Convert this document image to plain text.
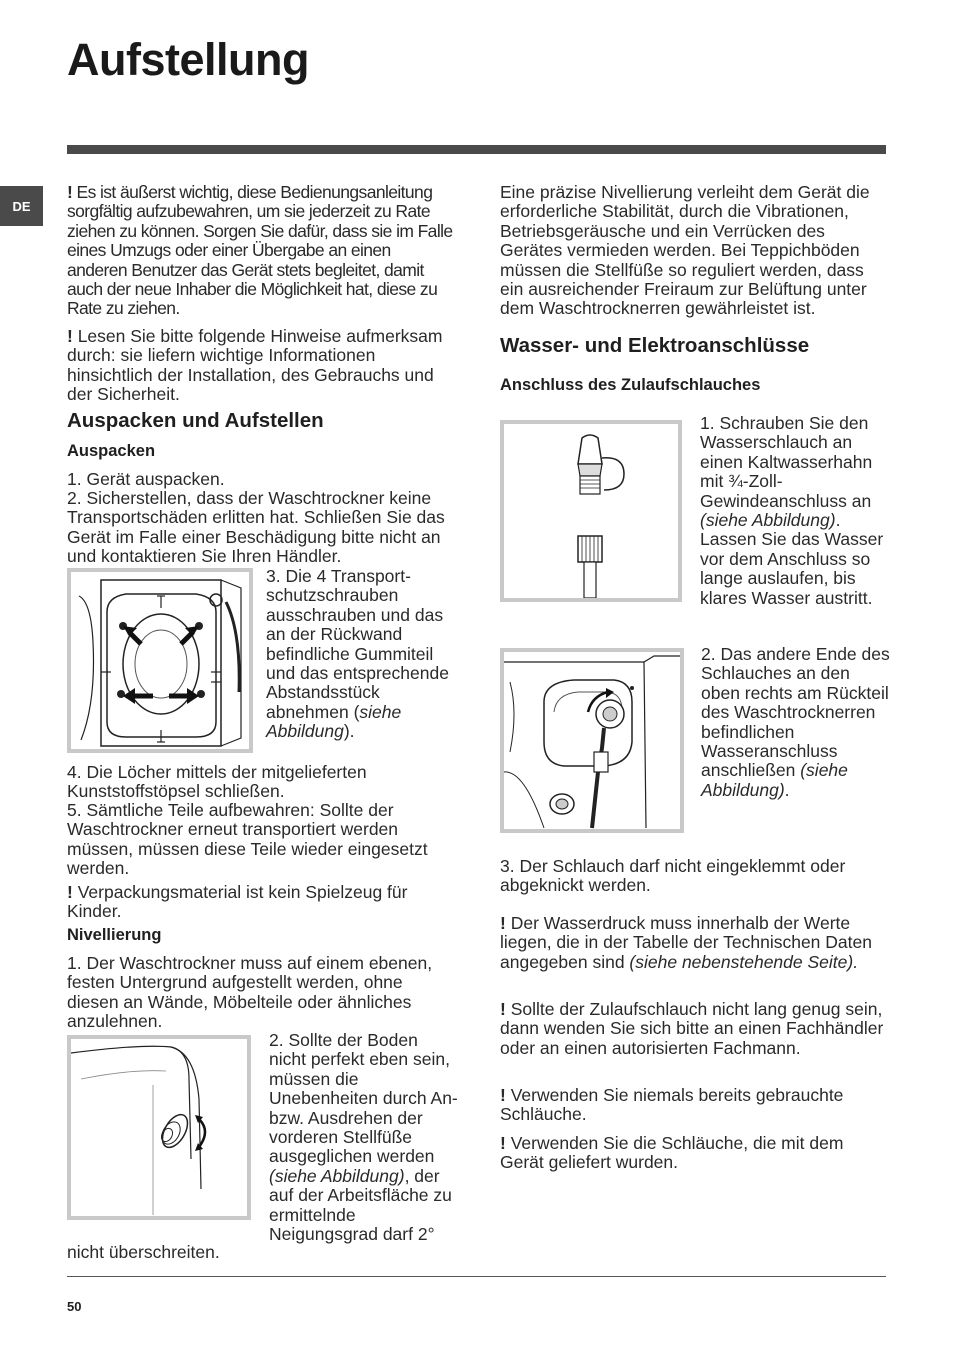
Aufstellung
DE
! Es ist äußerst wichtig, diese Bedienungsanleitung sorgfältig aufzubewahren, um sie jederzeit zu Rate ziehen zu können. Sorgen Sie dafür, dass sie im Falle eines Umzugs oder einer Übergabe an einen anderen Benutzer das Gerät stets begleitet, damit auch der neue Inhaber die Möglichkeit hat, diese zu Rate zu ziehen.
! Lesen Sie bitte folgende Hinweise aufmerksam durch: sie liefern wichtige Informationen hinsichtlich der Installation, des Gebrauchs und der Sicherheit.
Auspacken und Aufstellen
Auspacken
1. Gerät auspacken.
2. Sicherstellen, dass der Waschtrockner keine Transportschäden erlitten hat. Schließen Sie das Gerät im Falle einer Beschädigung bitte nicht an und kontaktieren Sie Ihren Händler.
3. Die 4 Transport-schutzschrauben ausschrauben und das an der Rückwand befindliche Gummiteil und das entsprechende Abstandsstück abnehmen (siehe Abbildung).
4. Die Löcher mittels der mitgelieferten Kunststoffstöpsel schließen.
5. Sämtliche Teile aufbewahren: Sollte der Waschtrockner erneut transportiert werden müssen, müssen diese Teile wieder eingesetzt werden.
! Verpackungsmaterial ist kein Spielzeug für Kinder.
Nivellierung
1. Der Waschtrockner muss auf einem ebenen, festen Untergrund aufgestellt werden, ohne diesen an Wände, Möbelteile oder ähnliches anzulehnen.
2. Sollte der Boden nicht perfekt eben sein, müssen die Unebenheiten durch An- bzw. Ausdrehen der vorderen Stellfüße ausgeglichen werden (siehe Abbildung), der auf der Arbeitsfläche zu ermittelnde Neigungsgrad darf 2°
nicht überschreiten.
Eine präzise Nivellierung verleiht dem Gerät die erforderliche Stabilität, durch die Vibrationen, Betriebsgeräusche und ein Verrücken des Gerätes vermieden werden. Bei Teppichböden müssen die Stellfüße so reguliert werden, dass ein ausreichender Freiraum zur Belüftung unter dem Waschtrocknerren gewährleistet ist.
Wasser- und Elektroanschlüsse
Anschluss des Zulaufschlauches
1. Schrauben Sie den Wasserschlauch an einen Kaltwasserhahn mit ¾-Zoll-Gewindeanschluss an (siehe Abbildung). Lassen Sie das Wasser vor dem Anschluss so lange auslaufen, bis klares Wasser austritt.
2. Das andere Ende des Schlauches an den oben rechts am Rückteil des Waschtrocknerren befindlichen Wasseranschluss anschließen (siehe Abbildung).
3. Der Schlauch darf nicht eingeklemmt oder abgeknickt werden.
! Der Wasserdruck muss innerhalb der Werte liegen, die in der Tabelle der Technischen Daten angegeben sind (siehe nebenstehende Seite).
! Sollte der Zulaufschlauch nicht lang genug sein, dann wenden Sie sich bitte an einen Fachhändler oder an einen autorisierten Fachmann.
! Verwenden Sie niemals bereits gebrauchte Schläuche.
! Verwenden Sie die Schläuche, die mit dem Gerät geliefert wurden.
50
